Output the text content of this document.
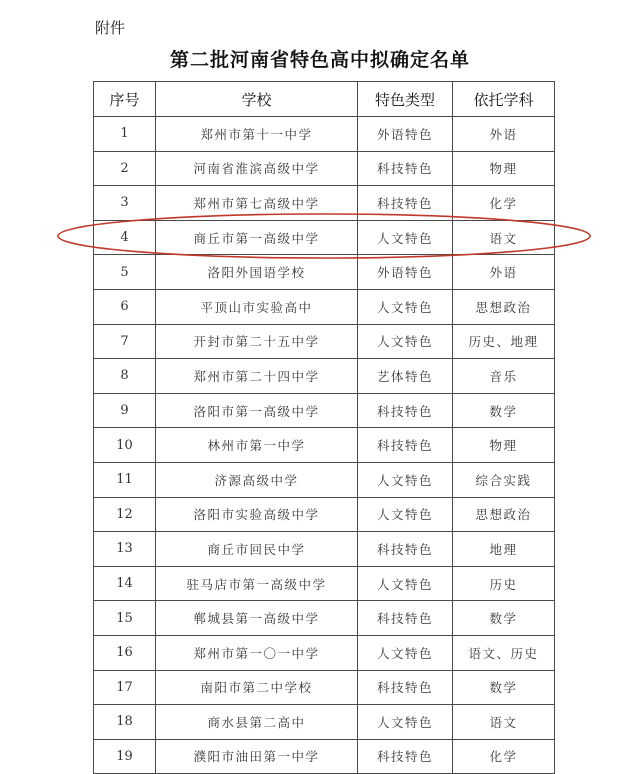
附件
第二批河南省特色高中拟确定名单
序号	学校	特色类型	依托学科
1	郑州市第十一中学	外语特色	外语
2	河南省淮滨高级中学	科技特色	物理
3	郑州市第七高级中学	科技特色	化学
4	商丘市第一高级中学	人文特色	语文
5	洛阳外国语学校	外语特色	外语
6	平顶山市实验高中	人文特色	思想政治
7	开封市第二十五中学	人文特色	历史、地理
8	郑州市第二十四中学	艺体特色	音乐
9	洛阳市第一高级中学	科技特色	数学
10	林州市第一中学	科技特色	物理
11	济源高级中学	人文特色	综合实践
12	洛阳市实验高级中学	人文特色	思想政治
13	商丘市回民中学	科技特色	地理
14	驻马店市第一高级中学	人文特色	历史
15	郸城县第一高级中学	科技特色	数学
16	郑州市第一〇一中学	人文特色	语文、历史
17	南阳市第二中学校	科技特色	数学
18	商水县第二高中	人文特色	语文
19	濮阳市油田第一中学	科技特色	化学
